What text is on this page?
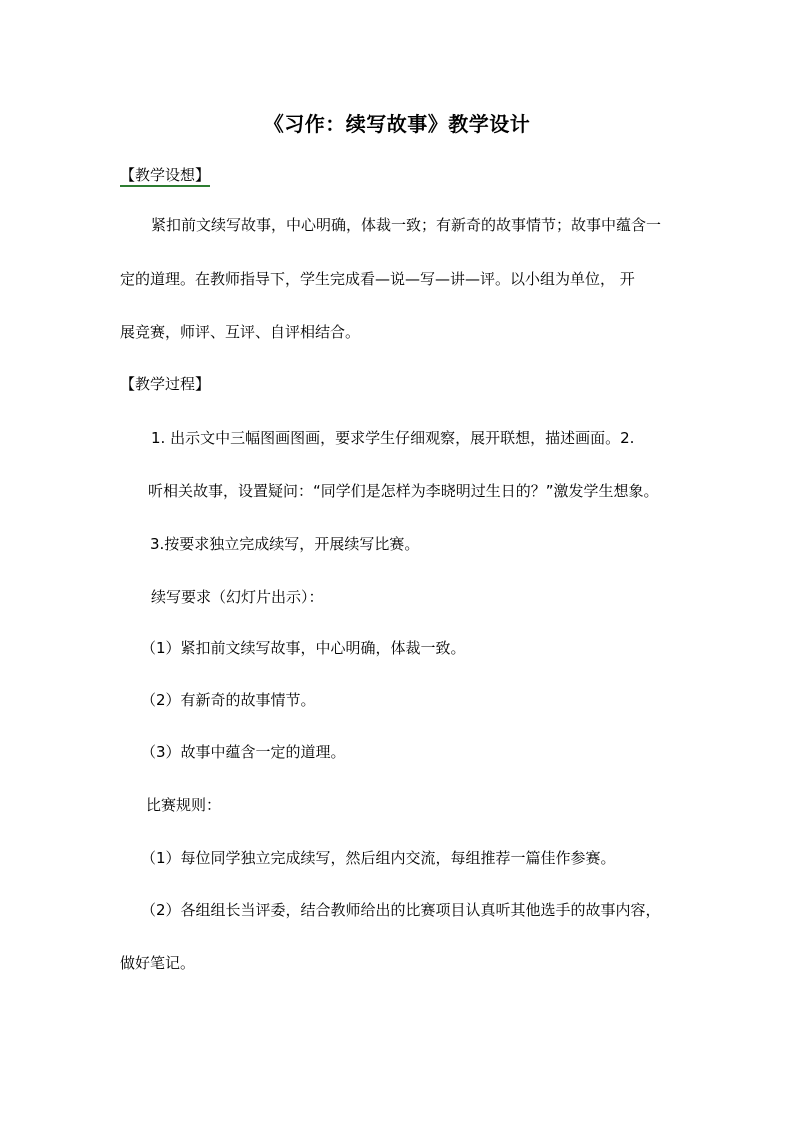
《习作：续写故事》教学设计
【教学设想】
紧扣前文续写故事，中心明确，体裁一致；有新奇的故事情节；故事中蕴含一
定的道理。在教师指导下，学生完成看—说—写—讲—评。以小组为单位， 开
展竞赛，师评、互评、自评相结合。
【教学过程】
1. 出示文中三幅图画图画，要求学生仔细观察，展开联想，描述画面。2.
听相关故事，设置疑问：“同学们是怎样为李晓明过生日的？”激发学生想象。
3.按要求独立完成续写，开展续写比赛。
续写要求（幻灯片出示）：
（1）紧扣前文续写故事，中心明确，体裁一致。
（2）有新奇的故事情节。
（3）故事中蕴含一定的道理。
比赛规则：
（1）每位同学独立完成续写，然后组内交流，每组推荐一篇佳作参赛。
（2）各组组长当评委，结合教师给出的比赛项目认真听其他选手的故事内容，
做好笔记。
